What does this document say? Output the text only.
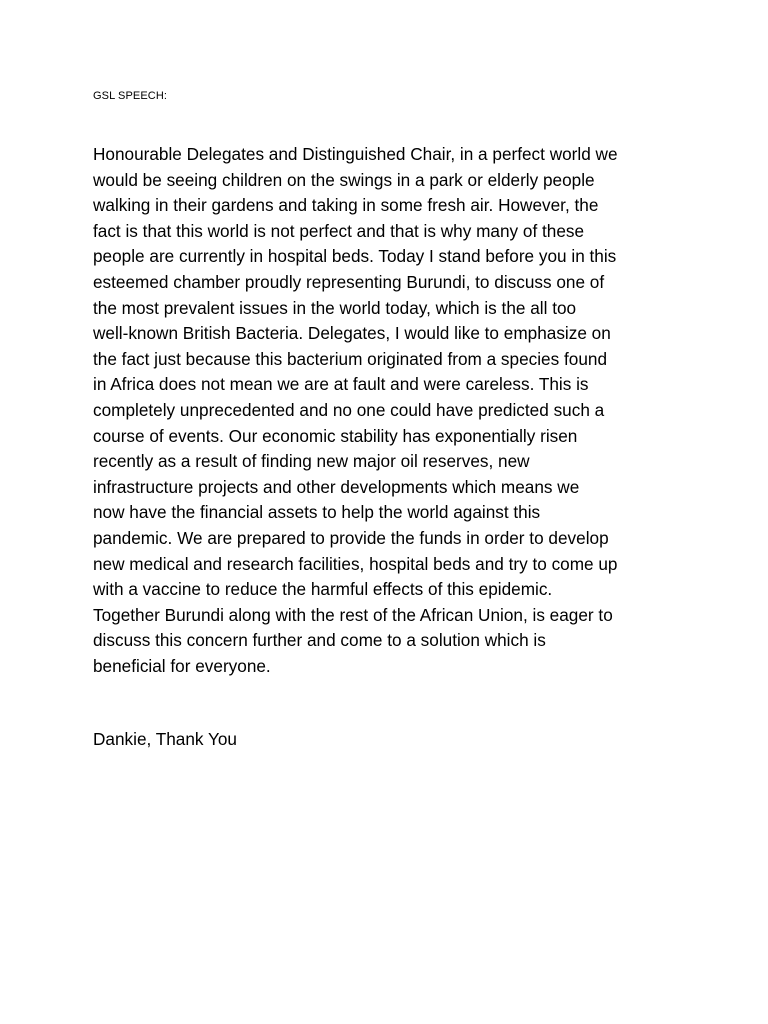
GSL SPEECH:
Honourable Delegates and Distinguished Chair, in a perfect world we
would be seeing children on the swings in a park or elderly people
walking in their gardens and taking in some fresh air. However, the
fact is that this world is not perfect and that is why many of these
people are currently in hospital beds. Today I stand before you in this
esteemed chamber proudly representing Burundi, to discuss one of
the most prevalent issues in the world today, which is the all too
well-known British Bacteria. Delegates, I would like to emphasize on
the fact just because this bacterium originated from a species found
in Africa does not mean we are at fault and were careless. This is
completely unprecedented and no one could have predicted such a
course of events. Our economic stability has exponentially risen
recently as a result of finding new major oil reserves, new
infrastructure projects and other developments which means we
now have the financial assets to help the world against this
pandemic. We are prepared to provide the funds in order to develop
new medical and research facilities, hospital beds and try to come up
with a vaccine to reduce the harmful effects of this epidemic.
Together Burundi along with the rest of the African Union, is eager to
discuss this concern further and come to a solution which is
beneficial for everyone.
Dankie, Thank You
